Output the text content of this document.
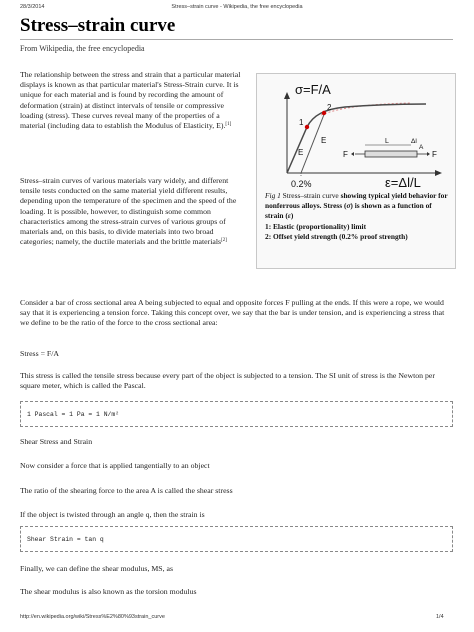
28/3/2014	Stress–strain curve - Wikipedia, the free encyclopedia
Stress–strain curve
From Wikipedia, the free encyclopedia

The relationship between the stress and strain that a particular material displays is known as that particular material's Stress-Strain curve. It is unique for each material and is found by recording the amount of deformation (strain) at distinct intervals of tensile or compressive loading (stress). These curves reveal many of the properties of a material (including data to establish the Modulus of Elasticity, E).[1]

Stress–strain curves of various materials vary widely, and different tensile tests conducted on the same material yield different results, depending upon the temperature of the specimen and the speed of the loading. It is possible, however, to distinguish some common characteristics among the stress-strain curves of various groups of materials and, on this basis, to divide materials into two broad categories; namely, the ductile materials and the brittle materials[2]

σ=F/A
1
2
E
E
0.2%	ε=Δl/L
F
L	Δl
A
F
Fig 1 Stress–strain curve showing typical yield behavior for nonferrous alloys. Stress (σ) is shown as a function of strain (ε)
1: Elastic (proportionality) limit
2: Offset yield strength (0.2% proof strength)

Consider a bar of cross sectional area A being subjected to equal and opposite forces F pulling at the ends. If this were a rope, we would say that it is experiencing a tension force. Taking this concept over, we say that the bar is under tension, and is experiencing a stress that we define to be the ratio of the force to the cross sectional area:

Stress = F/A

This stress is called the tensile stress because every part of the object is subjected to a tension. The SI unit of stress is the Newton per square meter, which is called the Pascal.

1 Pascal = 1 Pa = 1 N/m²

Shear Stress and Strain

Now consider a force that is applied tangentially to an object

The ratio of the shearing force to the area A is called the shear stress

If the object is twisted through an angle q, then the strain is

Shear Strain = tan q

Finally, we can define the shear modulus, MS, as

The shear modulus is also known as the torsion modulus

http://en.wikipedia.org/wiki/Stress%E2%80%93strain_curve	1/4
